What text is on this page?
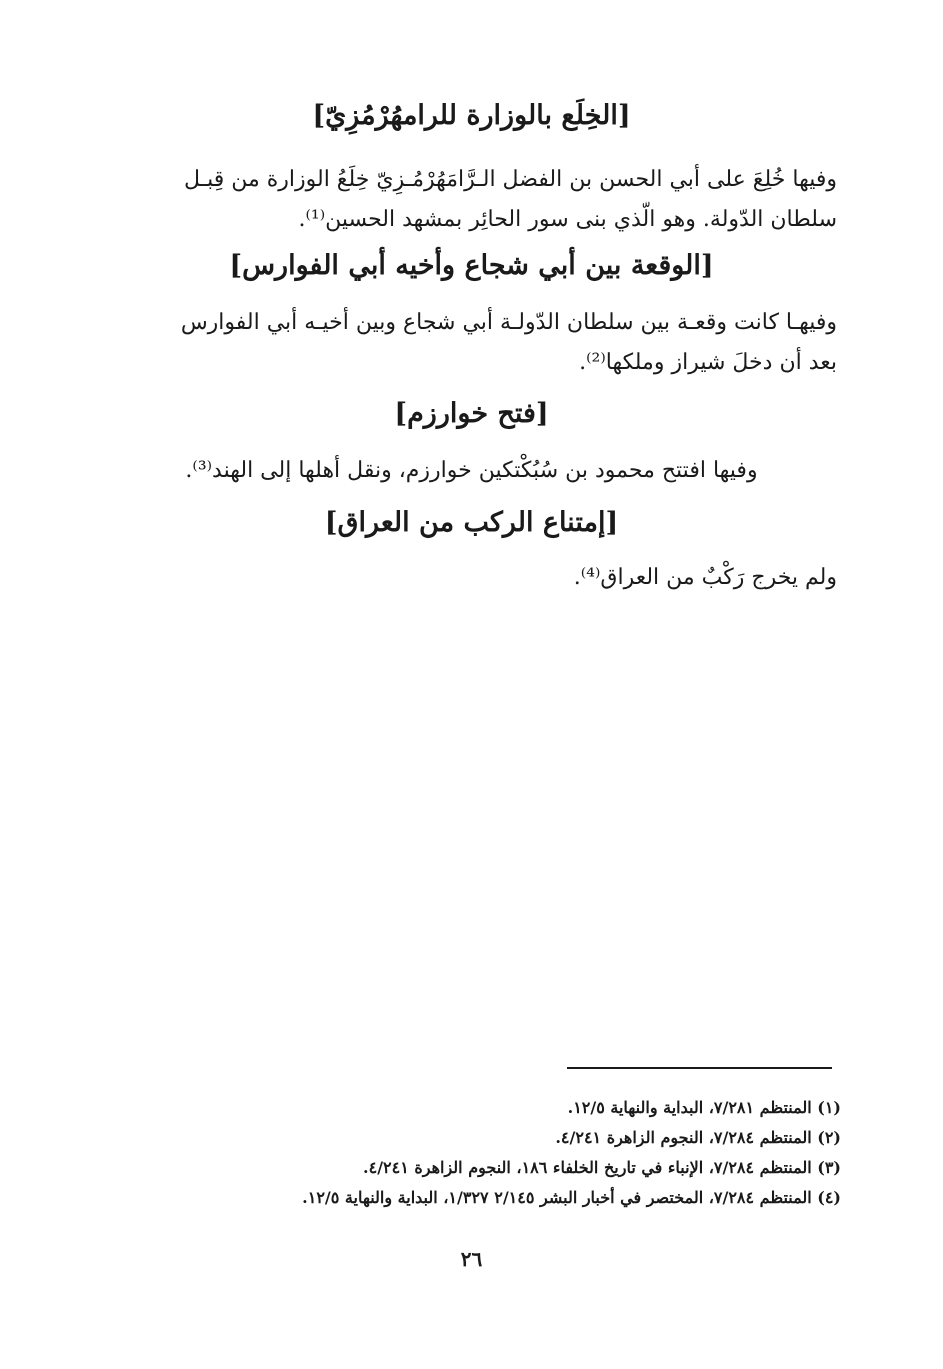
[الخِلَع بالوزارة للرامهُرْمُزِيّ]
وفيها خُلِعَ على أبي الحسن بن الفضل الـرَّامَهُرْمُـزِيّ خِلَعُ الوزارة من قِبـل
سلطان الدّولة. وهو الّذي بنى سور الحائِر بمشهد الحسين⁽¹⁾.
[الوقعة بين أبي شجاع وأخيه أبي الفوارس]
وفيهـا كانت وقعـة بين سلطان الدّولـة أبي شجاع وبين أخيـه أبي الفوارس
بعد أن دخلَ شيراز وملكها⁽²⁾.
[فتح خوارزم]
وفيها افتتح محمود بن سُبُكْتكين خوارزم، ونقل أهلها إلى الهند⁽³⁾.
[إمتناع الركب من العراق]
ولم يخرج رَكْبٌ من العراق⁽⁴⁾.
(١) المنتظم ٧/٢٨١، البداية والنهاية ١٢/٥.
(٢) المنتظم ٧/٢٨٤، النجوم الزاهرة ٤/٢٤١.
(٣) المنتظم ٧/٢٨٤، الإنباء في تاريخ الخلفاء ١٨٦، النجوم الزاهرة ٤/٢٤١.
(٤) المنتظم ٧/٢٨٤، المختصر في أخبار البشر ٢/١٤٥ ١/٣٢٧، البداية والنهاية ١٢/٥.
٢٦
